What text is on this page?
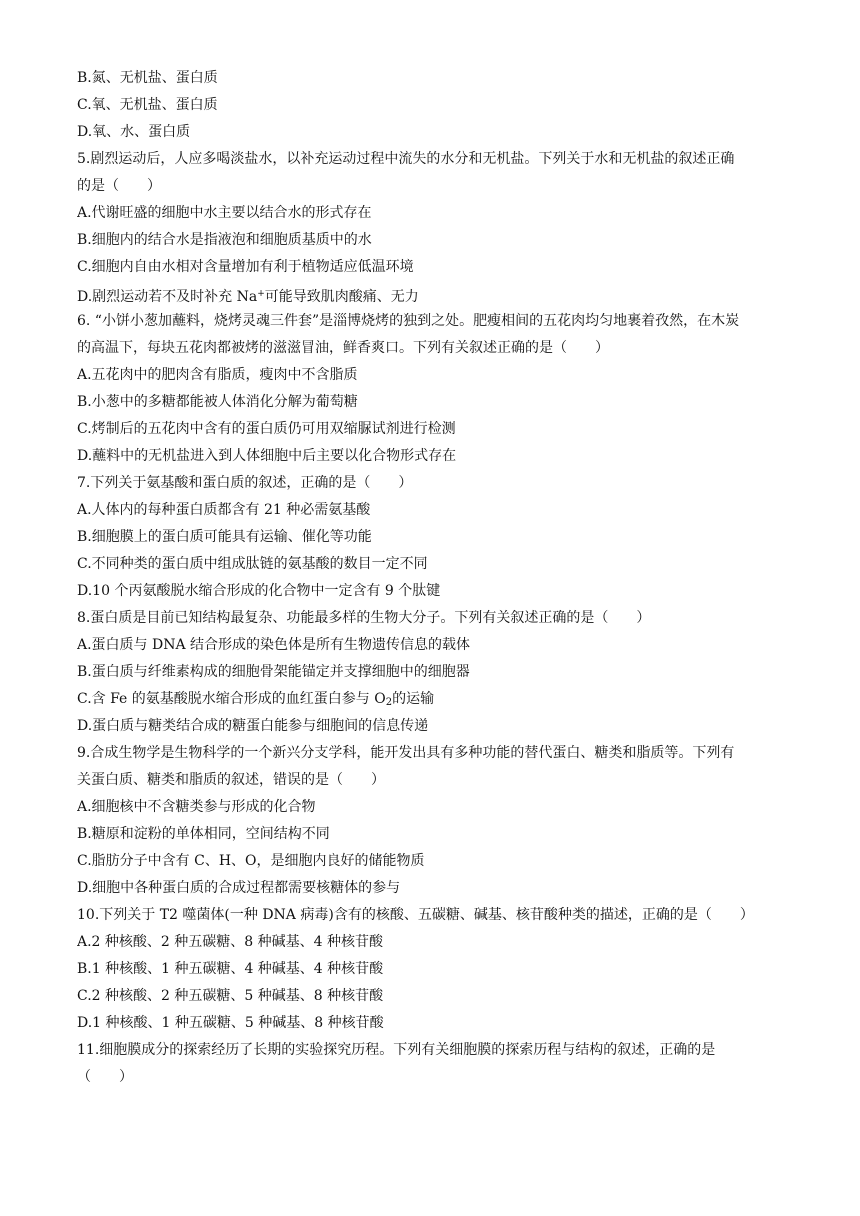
B.氮、无机盐、蛋白质
C.氧、无机盐、蛋白质
D.氧、水、蛋白质
5.剧烈运动后，人应多喝淡盐水，以补充运动过程中流失的水分和无机盐。下列关于水和无机盐的叙述正确
的是（　　）
A.代谢旺盛的细胞中水主要以结合水的形式存在
B.细胞内的结合水是指液泡和细胞质基质中的水
C.细胞内自由水相对含量增加有利于植物适应低温环境
D.剧烈运动若不及时补充 Na+可能导致肌肉酸痛、无力
6. “小饼小葱加蘸料，烧烤灵魂三件套”是淄博烧烤的独到之处。肥瘦相间的五花肉均匀地裹着孜然，在木炭
的高温下，每块五花肉都被烤的滋滋冒油，鲜香爽口。下列有关叙述正确的是（　　）
A.五花肉中的肥肉含有脂质，瘦肉中不含脂质
B.小葱中的多糖都能被人体消化分解为葡萄糖
C.烤制后的五花肉中含有的蛋白质仍可用双缩脲试剂进行检测
D.蘸料中的无机盐进入到人体细胞中后主要以化合物形式存在
7.下列关于氨基酸和蛋白质的叙述，正确的是（　　）
A.人体内的每种蛋白质都含有 21 种必需氨基酸
B.细胞膜上的蛋白质可能具有运输、催化等功能
C.不同种类的蛋白质中组成肽链的氨基酸的数目一定不同
D.10 个丙氨酸脱水缩合形成的化合物中一定含有 9 个肽键
8.蛋白质是目前已知结构最复杂、功能最多样的生物大分子。下列有关叙述正确的是（　　）
A.蛋白质与 DNA 结合形成的染色体是所有生物遗传信息的载体
B.蛋白质与纤维素构成的细胞骨架能锚定并支撑细胞中的细胞器
C.含 Fe 的氨基酸脱水缩合形成的血红蛋白参与 $O_2$的运输
D.蛋白质与糖类结合成的糖蛋白能参与细胞间的信息传递
9.合成生物学是生物科学的一个新兴分支学科，能开发出具有多种功能的替代蛋白、糖类和脂质等。下列有
关蛋白质、糖类和脂质的叙述，错误的是（　　）
A.细胞核中不含糖类参与形成的化合物
B.糖原和淀粉的单体相同，空间结构不同
C.脂肪分子中含有 C、H、O，是细胞内良好的储能物质
D.细胞中各种蛋白质的合成过程都需要核糖体的参与
10.下列关于 T2 噬菌体(一种 DNA 病毒)含有的核酸、五碳糖、碱基、核苷酸种类的描述，正确的是（　　）
A.2 种核酸、2 种五碳糖、8 种碱基、4 种核苷酸
B.1 种核酸、1 种五碳糖、4 种碱基、4 种核苷酸
C.2 种核酸、2 种五碳糖、5 种碱基、8 种核苷酸
D.1 种核酸、1 种五碳糖、5 种碱基、8 种核苷酸
11.细胞膜成分的探索经历了长期的实验探究历程。下列有关细胞膜的探索历程与结构的叙述，正确的是
（　　）
